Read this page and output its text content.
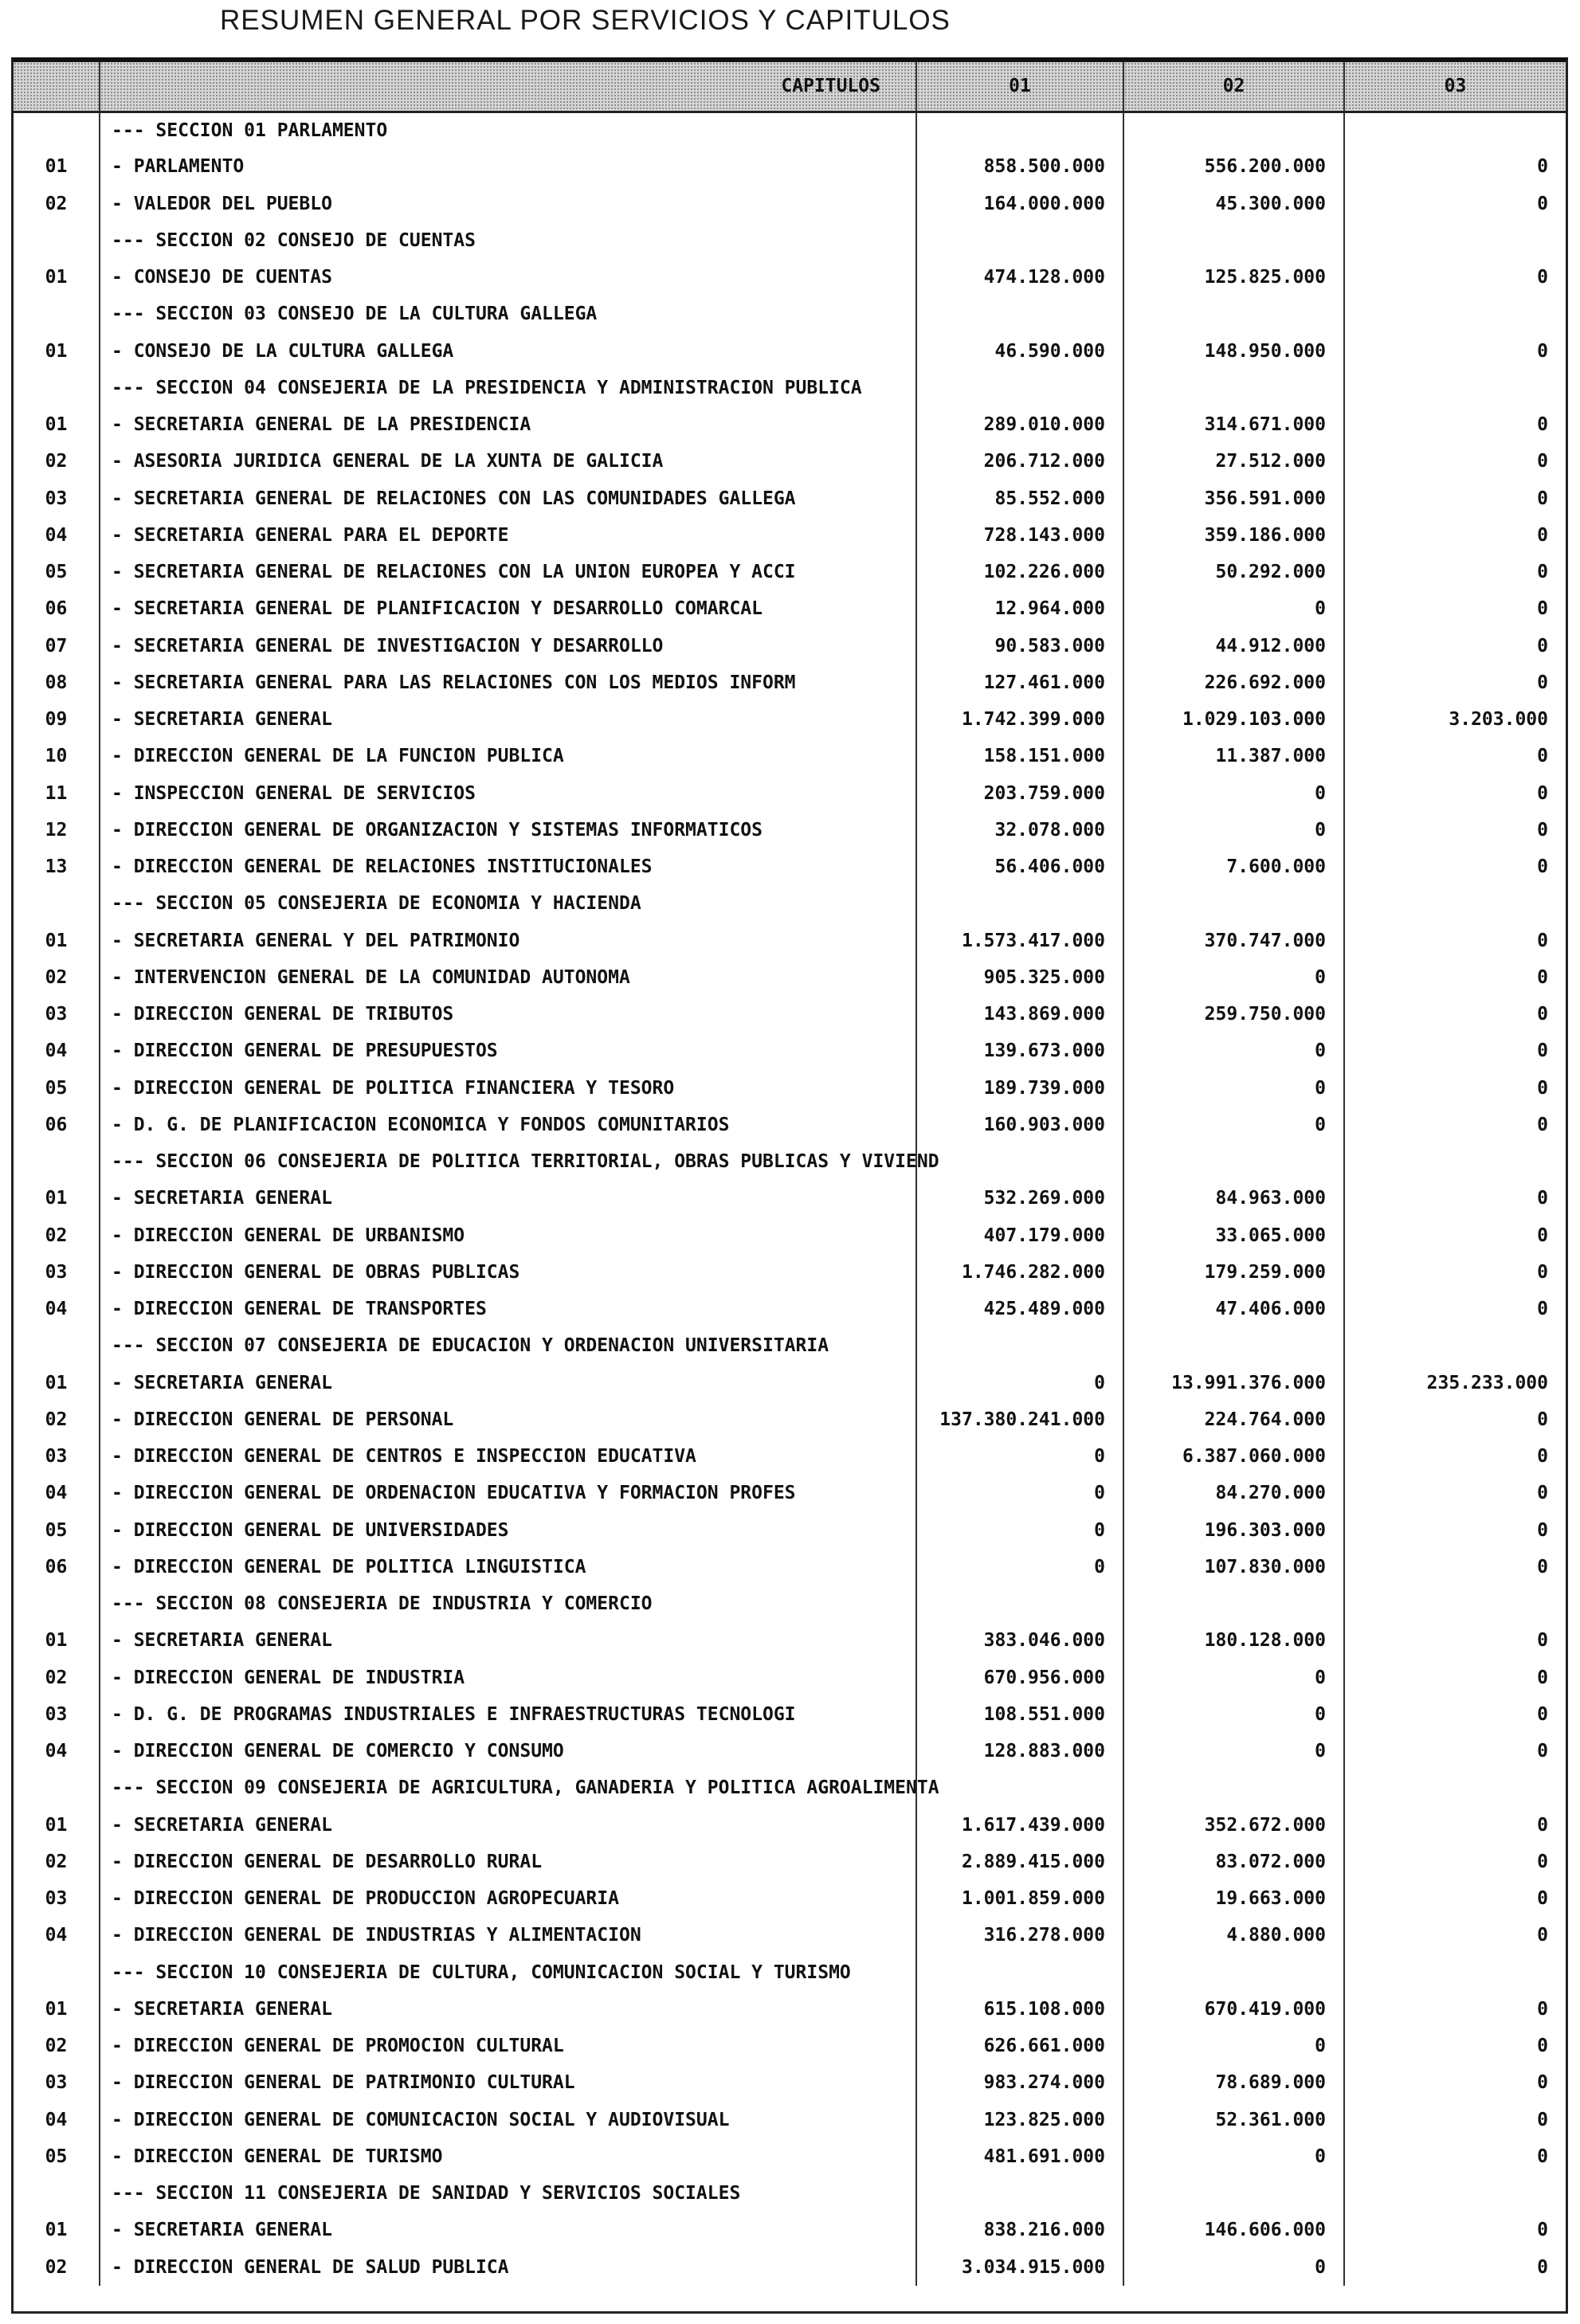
RESUMEN GENERAL POR SERVICIOS Y CAPITULOS
	CAPITULOS	01	02	03
	--- SECCION 01 PARLAMENTO			
01	- PARLAMENTO	858.500.000	556.200.000	0
02	- VALEDOR DEL PUEBLO	164.000.000	45.300.000	0
	--- SECCION 02 CONSEJO DE CUENTAS			
01	- CONSEJO DE CUENTAS	474.128.000	125.825.000	0
	--- SECCION 03 CONSEJO DE LA CULTURA GALLEGA			
01	- CONSEJO DE LA CULTURA GALLEGA	46.590.000	148.950.000	0
	--- SECCION 04 CONSEJERIA DE LA PRESIDENCIA Y ADMINISTRACION PUBLICA			
01	- SECRETARIA GENERAL DE LA PRESIDENCIA	289.010.000	314.671.000	0
02	- ASESORIA JURIDICA GENERAL DE LA XUNTA DE GALICIA	206.712.000	27.512.000	0
03	- SECRETARIA GENERAL DE RELACIONES CON LAS COMUNIDADES GALLEGA	85.552.000	356.591.000	0
04	- SECRETARIA GENERAL PARA EL DEPORTE	728.143.000	359.186.000	0
05	- SECRETARIA GENERAL DE RELACIONES CON LA UNION EUROPEA Y ACCI	102.226.000	50.292.000	0
06	- SECRETARIA GENERAL DE PLANIFICACION Y DESARROLLO COMARCAL	12.964.000	0	0
07	- SECRETARIA GENERAL DE INVESTIGACION Y DESARROLLO	90.583.000	44.912.000	0
08	- SECRETARIA GENERAL PARA LAS RELACIONES CON LOS MEDIOS INFORM	127.461.000	226.692.000	0
09	- SECRETARIA GENERAL	1.742.399.000	1.029.103.000	3.203.000
10	- DIRECCION GENERAL DE LA FUNCION PUBLICA	158.151.000	11.387.000	0
11	- INSPECCION GENERAL DE SERVICIOS	203.759.000	0	0
12	- DIRECCION GENERAL DE ORGANIZACION Y SISTEMAS INFORMATICOS	32.078.000	0	0
13	- DIRECCION GENERAL DE RELACIONES INSTITUCIONALES	56.406.000	7.600.000	0
	--- SECCION 05 CONSEJERIA DE ECONOMIA Y HACIENDA			
01	- SECRETARIA GENERAL Y DEL PATRIMONIO	1.573.417.000	370.747.000	0
02	- INTERVENCION GENERAL DE LA COMUNIDAD AUTONOMA	905.325.000	0	0
03	- DIRECCION GENERAL DE TRIBUTOS	143.869.000	259.750.000	0
04	- DIRECCION GENERAL DE PRESUPUESTOS	139.673.000	0	0
05	- DIRECCION GENERAL DE POLITICA FINANCIERA Y TESORO	189.739.000	0	0
06	- D. G. DE PLANIFICACION ECONOMICA Y FONDOS COMUNITARIOS	160.903.000	0	0
	--- SECCION 06 CONSEJERIA DE POLITICA TERRITORIAL, OBRAS PUBLICAS Y VIVIEND			
01	- SECRETARIA GENERAL	532.269.000	84.963.000	0
02	- DIRECCION GENERAL DE URBANISMO	407.179.000	33.065.000	0
03	- DIRECCION GENERAL DE OBRAS PUBLICAS	1.746.282.000	179.259.000	0
04	- DIRECCION GENERAL DE TRANSPORTES	425.489.000	47.406.000	0
	--- SECCION 07 CONSEJERIA DE EDUCACION Y ORDENACION UNIVERSITARIA			
01	- SECRETARIA GENERAL	0	13.991.376.000	235.233.000
02	- DIRECCION GENERAL DE PERSONAL	137.380.241.000	224.764.000	0
03	- DIRECCION GENERAL DE CENTROS E INSPECCION EDUCATIVA	0	6.387.060.000	0
04	- DIRECCION GENERAL DE ORDENACION EDUCATIVA Y FORMACION PROFES	0	84.270.000	0
05	- DIRECCION GENERAL DE UNIVERSIDADES	0	196.303.000	0
06	- DIRECCION GENERAL DE POLITICA LINGUISTICA	0	107.830.000	0
	--- SECCION 08 CONSEJERIA DE INDUSTRIA Y COMERCIO			
01	- SECRETARIA GENERAL	383.046.000	180.128.000	0
02	- DIRECCION GENERAL DE INDUSTRIA	670.956.000	0	0
03	- D. G. DE PROGRAMAS INDUSTRIALES E INFRAESTRUCTURAS TECNOLOGI	108.551.000	0	0
04	- DIRECCION GENERAL DE COMERCIO Y CONSUMO	128.883.000	0	0
	--- SECCION 09 CONSEJERIA DE AGRICULTURA, GANADERIA Y POLITICA AGROALIMENTA			
01	- SECRETARIA GENERAL	1.617.439.000	352.672.000	0
02	- DIRECCION GENERAL DE DESARROLLO RURAL	2.889.415.000	83.072.000	0
03	- DIRECCION GENERAL DE PRODUCCION AGROPECUARIA	1.001.859.000	19.663.000	0
04	- DIRECCION GENERAL DE INDUSTRIAS Y ALIMENTACION	316.278.000	4.880.000	0
	--- SECCION 10 CONSEJERIA DE CULTURA, COMUNICACION SOCIAL Y TURISMO			
01	- SECRETARIA GENERAL	615.108.000	670.419.000	0
02	- DIRECCION GENERAL DE PROMOCION CULTURAL	626.661.000	0	0
03	- DIRECCION GENERAL DE PATRIMONIO CULTURAL	983.274.000	78.689.000	0
04	- DIRECCION GENERAL DE COMUNICACION SOCIAL Y AUDIOVISUAL	123.825.000	52.361.000	0
05	- DIRECCION GENERAL DE TURISMO	481.691.000	0	0
	--- SECCION 11 CONSEJERIA DE SANIDAD Y SERVICIOS SOCIALES			
01	- SECRETARIA GENERAL	838.216.000	146.606.000	0
02	- DIRECCION GENERAL DE SALUD PUBLICA	3.034.915.000	0	0
